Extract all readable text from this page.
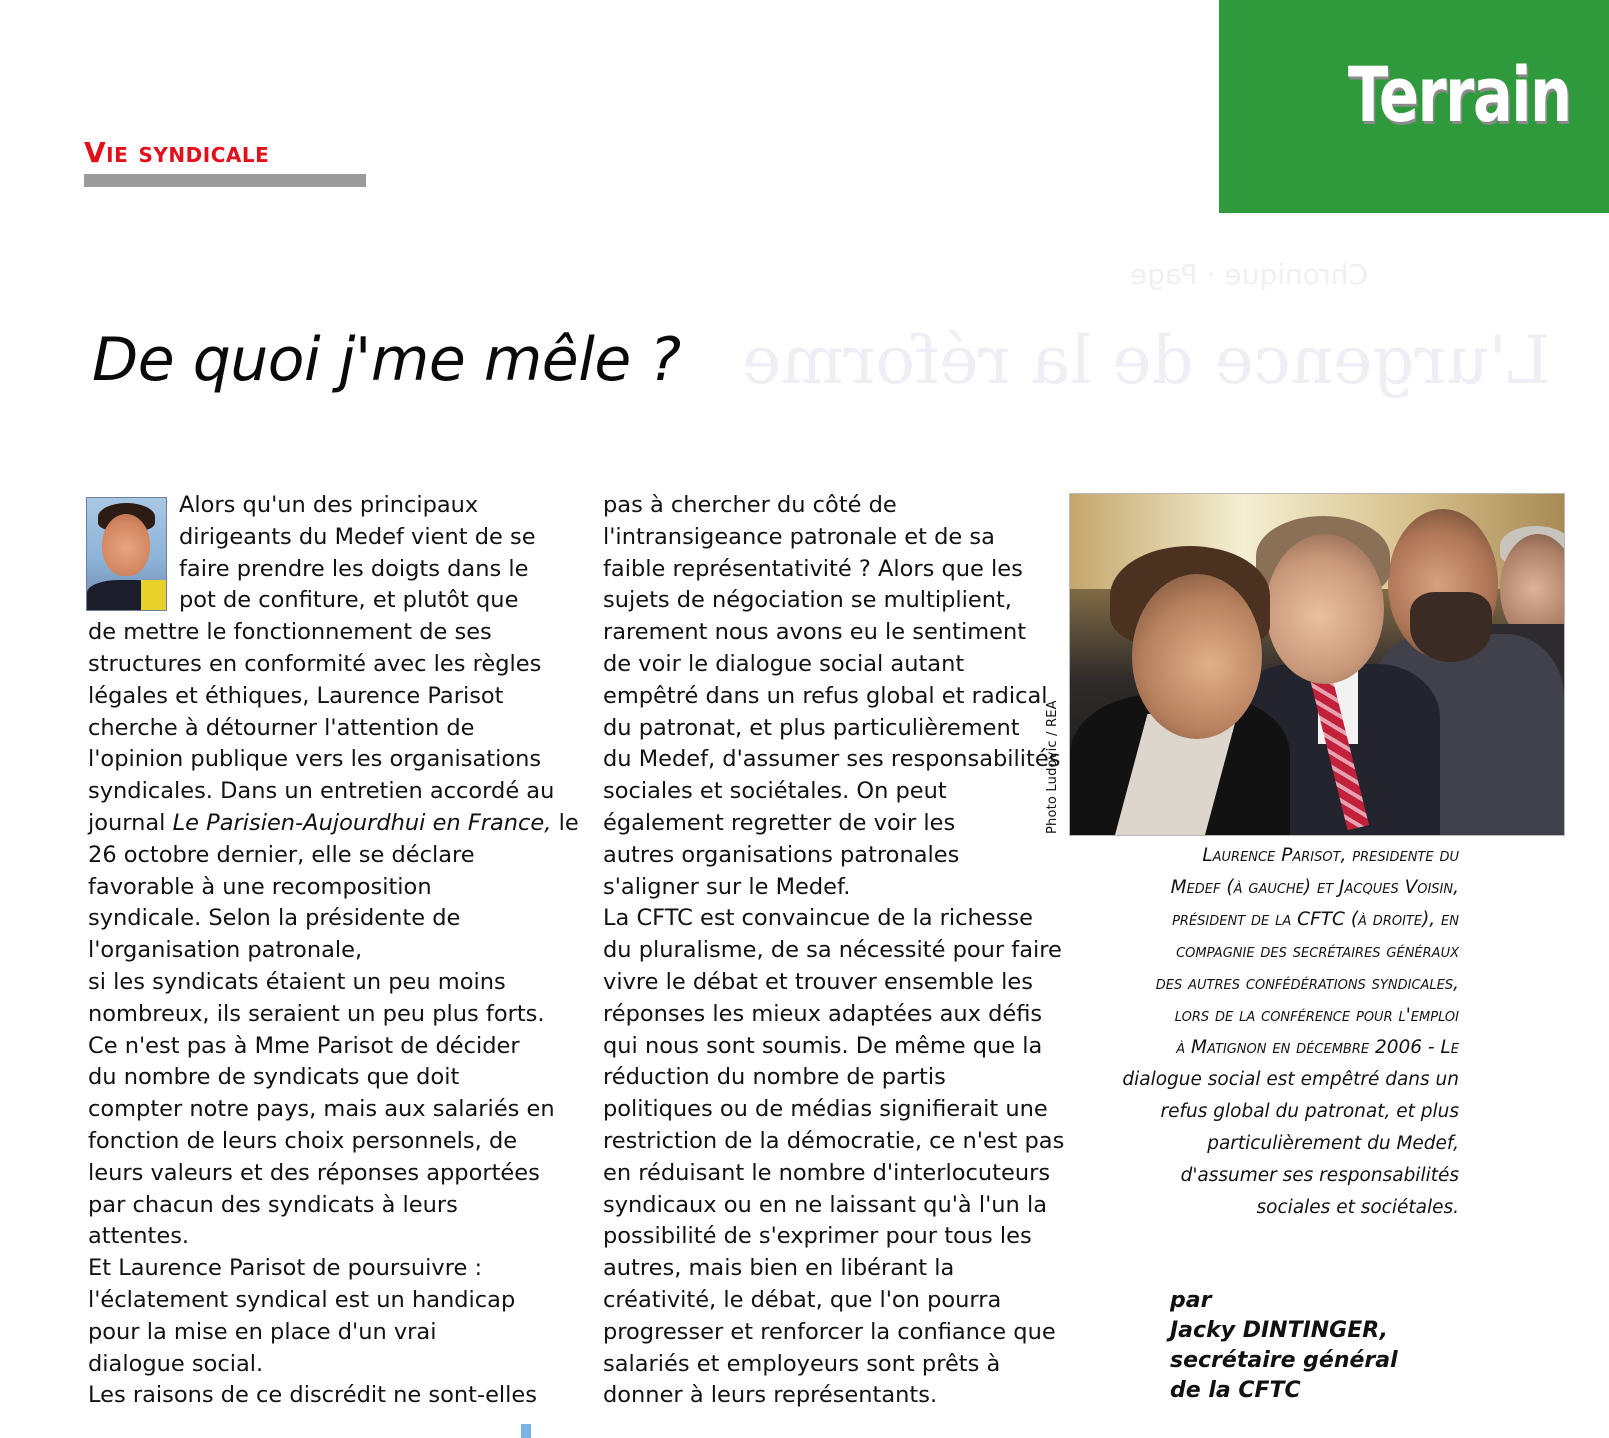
Terrain
Vie syndicale
Chronique · Page
L'urgence de la réforme
De quoi j'me mêle ?
Alors qu'un des principaux
dirigeants du Medef vient de se
faire prendre les doigts dans le
pot de confiture, et plutôt que
de mettre le fonctionnement de ses
structures en conformité avec les règles
légales et éthiques, Laurence Parisot
cherche à détourner l'attention de
l'opinion publique vers les organisations
syndicales. Dans un entretien accordé au
journal Le Parisien-Aujourdhui en France, le
26 octobre dernier, elle se déclare
favorable à une recomposition
syndicale. Selon la présidente de
l'organisation patronale,
si les syndicats étaient un peu moins
nombreux, ils seraient un peu plus forts.
Ce n'est pas à Mme Parisot de décider
du nombre de syndicats que doit
compter notre pays, mais aux salariés en
fonction de leurs choix personnels, de
leurs valeurs et des réponses apportées
par chacun des syndicats à leurs
attentes.
Et Laurence Parisot de poursuivre :
l'éclatement syndical est un handicap
pour la mise en place d'un vrai
dialogue social.
Les raisons de ce discrédit ne sont-elles
pas à chercher du côté de
l'intransigeance patronale et de sa
faible représentativité ? Alors que les
sujets de négociation se multiplient,
rarement nous avons eu le sentiment
de voir le dialogue social autant
empêtré dans un refus global et radical
du patronat, et plus particulièrement
du Medef, d'assumer ses responsabilités
sociales et sociétales. On peut
également regretter de voir les
autres organisations patronales
s'aligner sur le Medef.
La CFTC est convaincue de la richesse
du pluralisme, de sa nécessité pour faire
vivre le débat et trouver ensemble les
réponses les mieux adaptées aux défis
qui nous sont soumis. De même que la
réduction du nombre de partis
politiques ou de médias signifierait une
restriction de la démocratie, ce n'est pas
en réduisant le nombre d'interlocuteurs
syndicaux ou en ne laissant qu'à l'un la
possibilité de s'exprimer pour tous les
autres, mais bien en libérant la
créativité, le débat, que l'on pourra
progresser et renforcer la confiance que
salariés et employeurs sont prêts à
donner à leurs représentants.
Photo Ludovic / REA
Laurence Parisot, presidente du
Medef (à gauche) et Jacques Voisin,
président de la CFTC (à droite), en
compagnie des secrétaires généraux
des autres confédérations syndicales,
lors de la conférence pour l'emploi
à Matignon en décembre 2006 - Le
dialogue social est empêtré dans un
refus global du patronat, et plus
particulièrement du Medef,
d'assumer ses responsabilités
sociales et sociétales.
par
Jacky DINTINGER,
secrétaire général
de la CFTC
